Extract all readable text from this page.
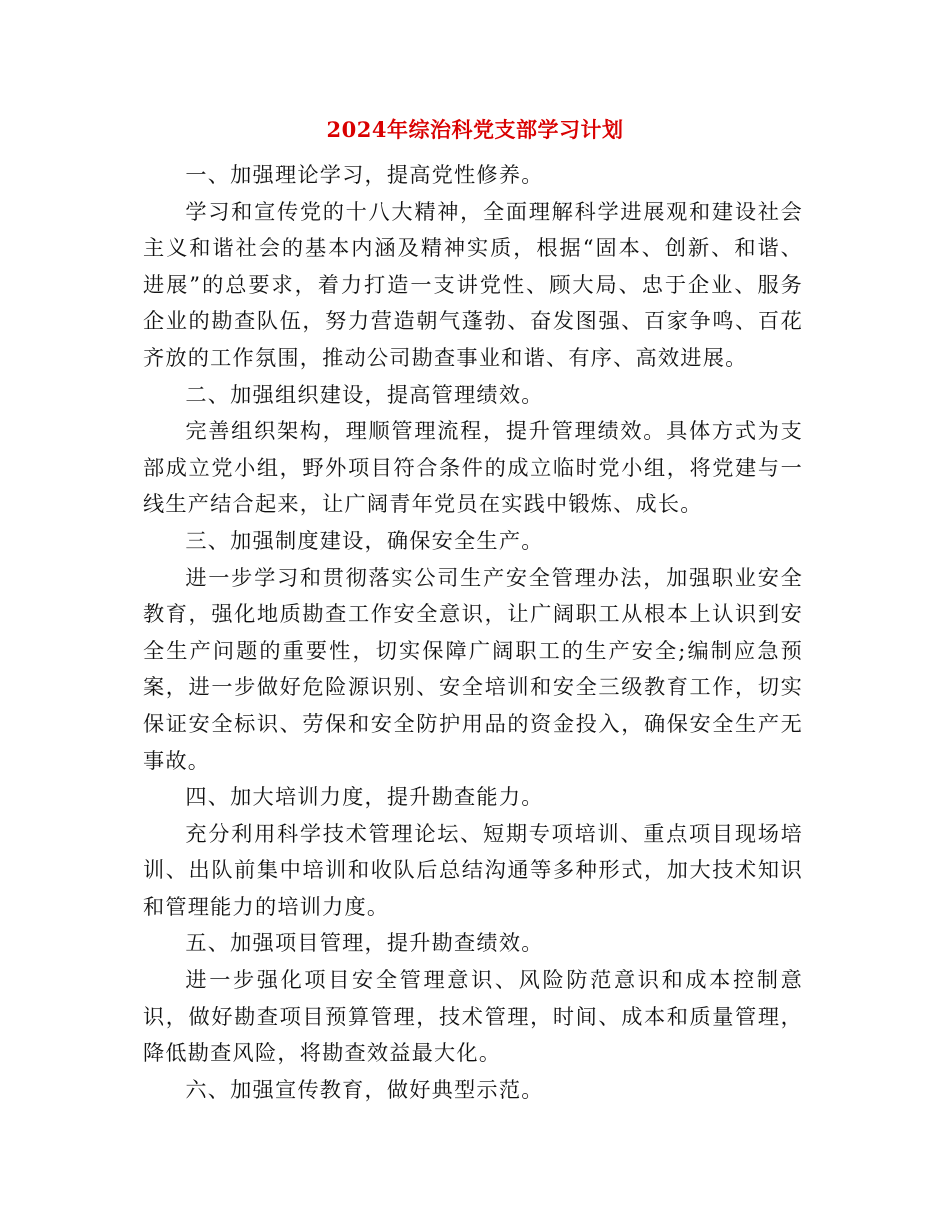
2024年综治科党支部学习计划

一、加强理论学习，提高党性修养。

学习和宣传党的十八大精神，全面理解科学进展观和建设社会主义和谐社会的基本内涵及精神实质，根据“固本、创新、和谐、进展”的总要求，着力打造一支讲党性、顾大局、忠于企业、服务企业的勘查队伍，努力营造朝气蓬勃、奋发图强、百家争鸣、百花齐放的工作氛围，推动公司勘查事业和谐、有序、高效进展。

二、加强组织建设，提高管理绩效。

完善组织架构，理顺管理流程，提升管理绩效。具体方式为支部成立党小组，野外项目符合条件的成立临时党小组，将党建与一线生产结合起来，让广阔青年党员在实践中锻炼、成长。

三、加强制度建设，确保安全生产。

进一步学习和贯彻落实公司生产安全管理办法，加强职业安全教育，强化地质勘查工作安全意识，让广阔职工从根本上认识到安全生产问题的重要性，切实保障广阔职工的生产安全;编制应急预案，进一步做好危险源识别、安全培训和安全三级教育工作，切实保证安全标识、劳保和安全防护用品的资金投入，确保安全生产无事故。

四、加大培训力度，提升勘查能力。

充分利用科学技术管理论坛、短期专项培训、重点项目现场培训、出队前集中培训和收队后总结沟通等多种形式，加大技术知识和管理能力的培训力度。

五、加强项目管理，提升勘查绩效。

进一步强化项目安全管理意识、风险防范意识和成本控制意识，做好勘查项目预算管理，技术管理，时间、成本和质量管理，降低勘查风险，将勘查效益最大化。

六、加强宣传教育，做好典型示范。
